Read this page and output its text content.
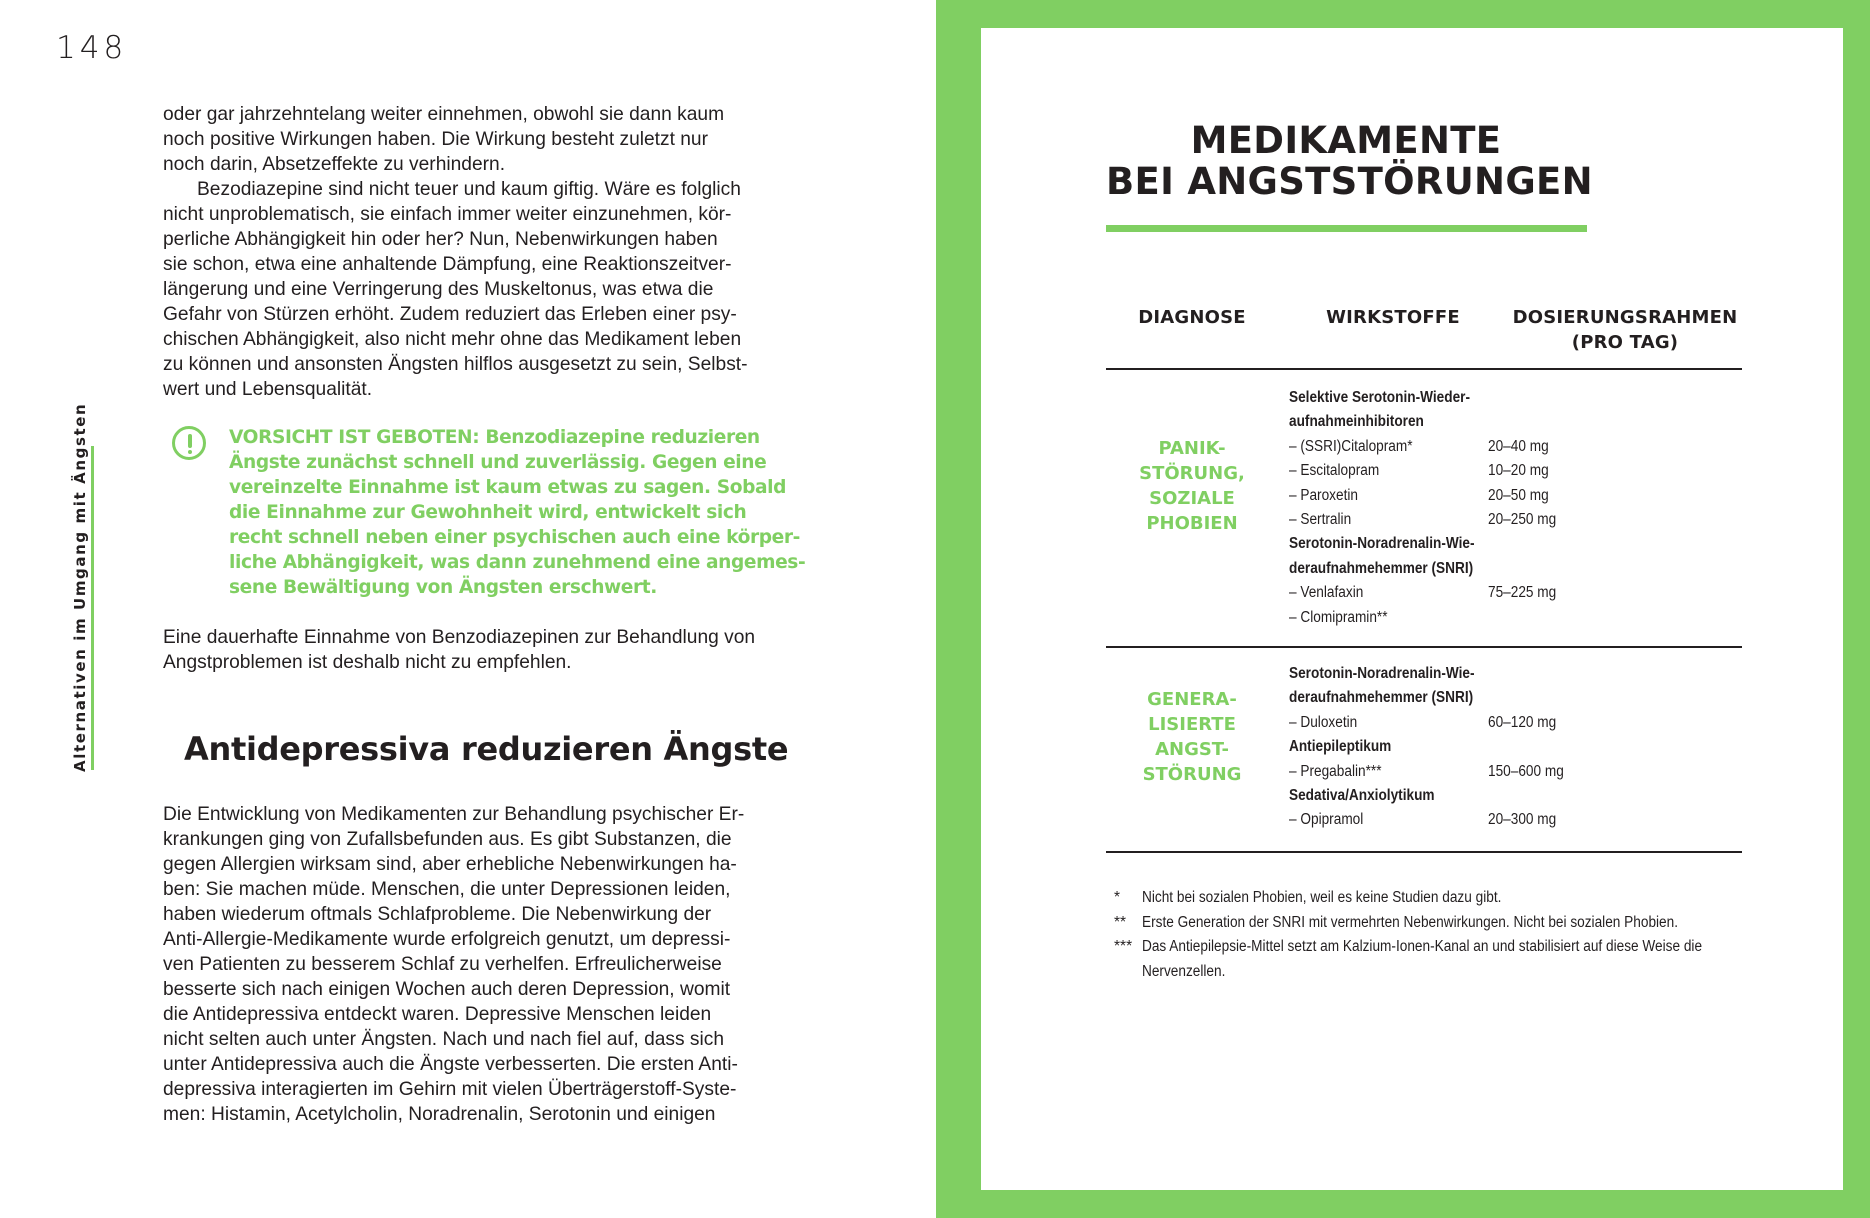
148
Alternativen im Umgang mit Ängsten

oder gar jahrzehntelang weiter einnehmen, obwohl sie dann kaum
noch positive Wirkungen haben. Die Wirkung besteht zuletzt nur
noch darin, Absetzeffekte zu verhindern.

Bezodiazepine sind nicht teuer und kaum giftig. Wäre es folglich
nicht unproblematisch, sie einfach immer weiter einzunehmen, kör-
perliche Abhängigkeit hin oder her? Nun, Nebenwirkungen haben
sie schon, etwa eine anhaltende Dämpfung, eine Reaktionszeitver-
längerung und eine Verringerung des Muskeltonus, was etwa die
Gefahr von Stürzen erhöht. Zudem reduziert das Erleben einer psy-
chischen Abhängigkeit, also nicht mehr ohne das Medikament leben
zu können und ansonsten Ängsten hilflos ausgesetzt zu sein, Selbst-
wert und Lebensqualität.

VORSICHT IST GEBOTEN: Benzodiazepine reduzieren
Ängste zunächst schnell und zuverlässig. Gegen eine
vereinzelte Einnahme ist kaum etwas zu sagen. Sobald
die Einnahme zur Gewohnheit wird, entwickelt sich
recht schnell neben einer psychischen auch eine körper-
liche Abhängigkeit, was dann zunehmend eine angemes-
sene Bewältigung von Ängsten erschwert.
Eine dauerhafte Einnahme von Benzodiazepinen zur Behandlung von
Angstproblemen ist deshalb nicht zu empfehlen.
Antidepressiva reduzieren Ängste
Die Entwicklung von Medikamenten zur Behandlung psychischer Er-
krankungen ging von Zufallsbefunden aus. Es gibt Substanzen, die
gegen Allergien wirksam sind, aber erhebliche Nebenwirkungen ha-
ben: Sie machen müde. Menschen, die unter Depressionen leiden,
haben wiederum oftmals Schlafprobleme. Die Nebenwirkung der
Anti-Allergie-Medikamente wurde erfolgreich genutzt, um depressi-
ven Patienten zu besserem Schlaf zu verhelfen. Erfreulicherweise
besserte sich nach einigen Wochen auch deren Depression, womit
die Antidepressiva entdeckt waren. Depressive Menschen leiden
nicht selten auch unter Ängsten. Nach und nach fiel auf, dass sich
unter Antidepressiva auch die Ängste verbesserten. Die ersten Anti-
depressiva interagierten im Gehirn mit vielen Überträgerstoff-Syste-
men: Histamin, Acetylcholin, Noradrenalin, Serotonin und einigen
MEDIKAMENTE
BEI ANGSTSTÖRUNGEN
DIAGNOSE	WIRKSTOFFE	DOSIERUNGSRAHMEN
(PRO TAG)
PANIK-
STÖRUNG,
SOZIALE
PHOBIEN
Selektive Serotonin-Wieder-
aufnahmeinhibitoren
– (SSRI)Citalopram*	20–40 mg
– Escitalopram	10–20 mg
– Paroxetin	20–50 mg
– Sertralin	20–250 mg
Serotonin-Noradrenalin-Wie-
deraufnahmehemmer (SNRI)
– Venlafaxin	75–225 mg
– Clomipramin**
GENERA-
LISIERTE
ANGST-
STÖRUNG
Serotonin-Noradrenalin-Wie-
deraufnahmehemmer (SNRI)
– Duloxetin	60–120 mg
Antiepileptikum
– Pregabalin***	150–600 mg
Sedativa/Anxiolytikum
– Opipramol	20–300 mg
* Nicht bei sozialen Phobien, weil es keine Studien dazu gibt.
** Erste Generation der SNRI mit vermehrten Nebenwirkungen. Nicht bei sozialen Phobien.
*** Das Antiepilepsie-Mittel setzt am Kalzium-Ionen-Kanal an und stabilisiert auf diese Weise die Nervenzellen.
